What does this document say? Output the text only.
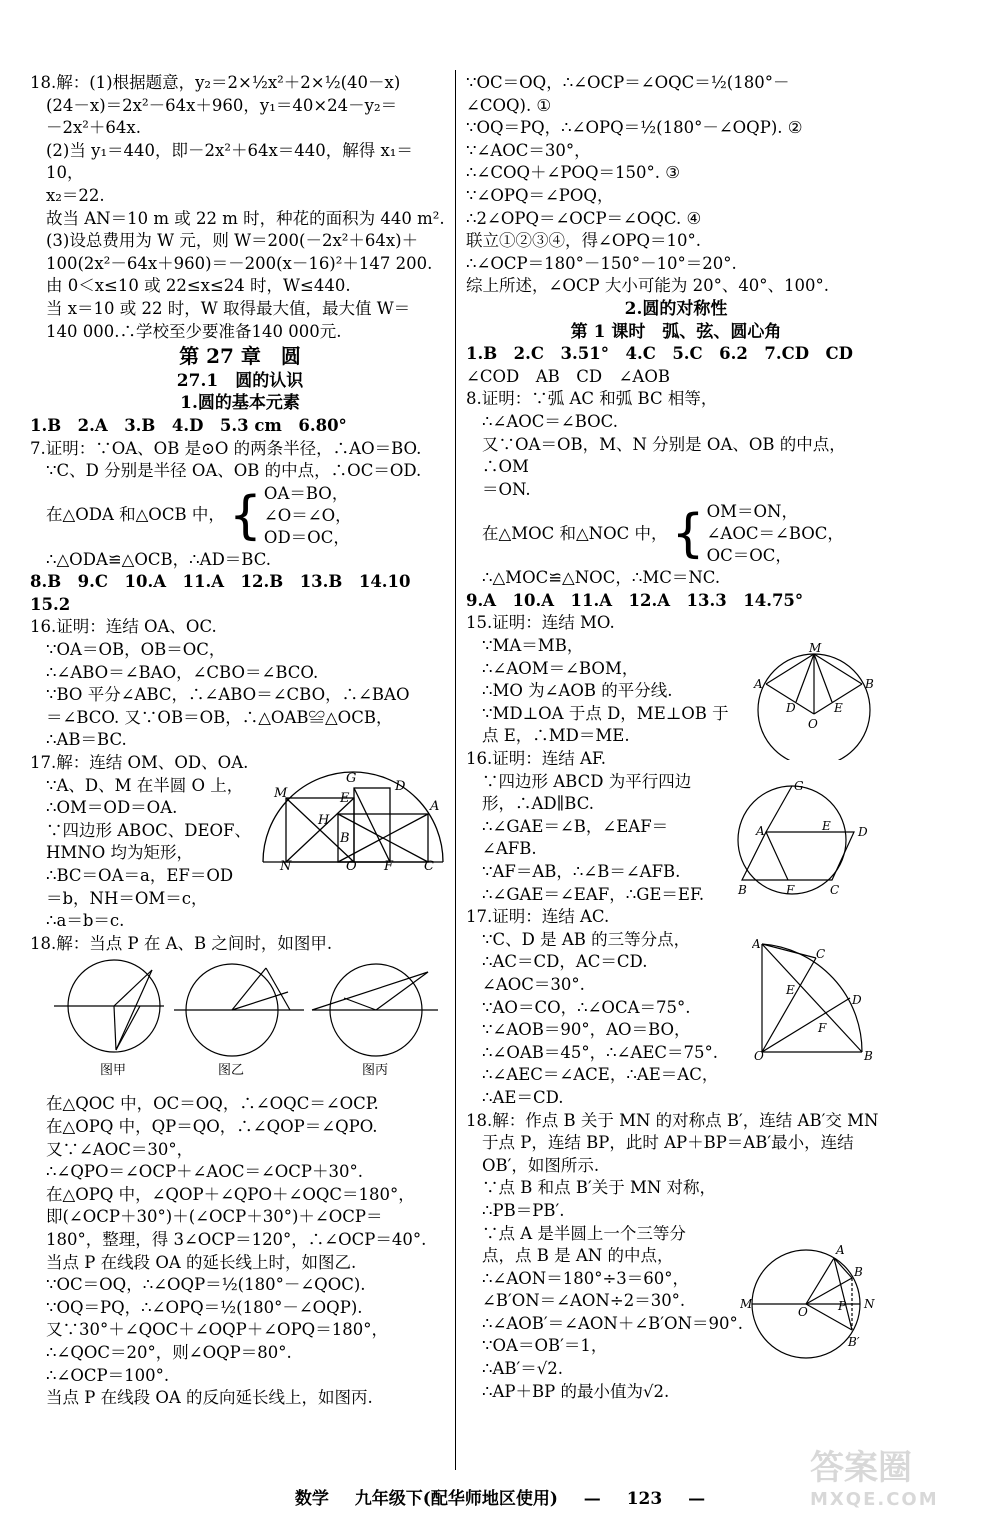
18.解：(1)根据题意，y₂＝2×½x²＋2×½(40－x)
(24－x)＝2x²－64x＋960，y₁＝40×24－y₂＝
－2x²＋64x.
(2)当 y₁＝440，即－2x²＋64x＝440，解得 x₁＝10，
x₂＝22.
故当 AN＝10 m 或 22 m 时，种花的面积为 440 m².
(3)设总费用为 W 元，则 W＝200(－2x²＋64x)＋
100(2x²－64x＋960)＝－200(x－16)²＋147 200.
由 0＜x≤10 或 22≤x≤24 时，W≤440.
当 x＝10 或 22 时，W 取得最大值，最大值 W＝
140 000.∴学校至少要准备140 000元.
第 27 章　圆
27.1　圆的认识
1.圆的基本元素
1.B　2.A　3.B　4.D　5.3 cm　6.80°
7.证明：∵OA、OB 是⊙O 的两条半径，∴AO＝BO.
∵C、D 分别是半径 OA、OB 的中点，∴OC＝OD.
在△ODA 和△OCB 中， { OA＝BO，
∠O＝∠O，
OD＝OC，
∴△ODA≌△OCB，∴AD＝BC.
8.B　9.C　10.A　11.A　12.B　13.B　14.10　15.2
16.证明：连结 OA、OC.
∵OA＝OB，OB＝OC，
∴∠ABO＝∠BAO，∠CBO＝∠BCO.
∵BO 平分∠ABC，∴∠ABO＝∠CBO，∴∠BAO
＝∠BCO. 又∵OB＝OB，∴△OAB≌△OCB，
∴AB＝BC.
17.解：连结 OM、OD、OA.
∵A、D、M 在半圆 O 上，
∴OM＝OD＝OA.
∵四边形 ABOC、DEOF、
HMNO 均为矩形，
∴BC＝OA＝a，EF＝OD
＝b，NH＝OM＝c，
∴a＝b＝c.
18.解：当点 P 在 A、B 之间时，如图甲.
在△QOC 中，OC＝OQ，∴∠OQC＝∠OCP.
在△OPQ 中，QP＝QO，∴∠QOP＝∠QPO.
又∵∠AOC＝30°，
∴∠QPO＝∠OCP＋∠AOC＝∠OCP＋30°.
在△OPQ 中，∠QOP＋∠QPO＋∠OQC＝180°，
即(∠OCP＋30°)＋(∠OCP＋30°)＋∠OCP＝
180°，整理，得 3∠OCP＝120°，∴∠OCP＝40°.
当点 P 在线段 OA 的延长线上时，如图乙.
∵OC＝OQ，∴∠OQP＝½(180°－∠QOC).
∵OQ＝PQ，∴∠OPQ＝½(180°－∠OQP).
又∵30°＋∠QOC＋∠OQP＋∠OPQ＝180°，
∴∠QOC＝20°，则∠OQP＝80°.
∴∠OCP＝100°.
当点 P 在线段 OA 的反向延长线上，如图丙.
G
M	E
H
A
D
B
N	O F C
图甲	图乙	图丙
∵OC＝OQ，∴∠OCP＝∠OQC＝½(180°－
∠COQ). ①
∵OQ＝PQ，∴∠OPQ＝½(180°－∠OQP). ②
∵∠AOC＝30°，
∴∠COQ＋∠POQ＝150°. ③
∵∠OPQ＝∠POQ，
∴2∠OPQ＝∠OCP＝∠OQC. ④
联立①②③④，得∠OPQ＝10°.
∴∠OCP＝180°－150°－10°＝20°.
综上所述，∠OCP 大小可能为 20°、40°、100°.
2.圆的对称性
第 1 课时　弧、弦、圆心角
1.B　2.C　3.51°　4.C　5.C　6.2　7.CD　CD
∠COD　AB　CD　∠AOB
8.证明：∵弧 AC 和弧 BC 相等，
∴∠AOC＝∠BOC.
又∵OA＝OB，M、N 分别是 OA、OB 的中点，∴OM
＝ON.
在△MOC 和△NOC 中， { OM＝ON，
∠AOC＝∠BOC，
OC＝OC，
∴△MOC≌△NOC，∴MC＝NC.
9.A　10.A　11.A　12.A　13.3　14.75°
15.证明：连结 MO.
∵MA＝MB，
∴∠AOM＝∠BOM，
∴MO 为∠AOB 的平分线.
∵MD⊥OA 于点 D，ME⊥OB 于
点 E，∴MD＝ME.
16.证明：连结 AF.
∵四边形 ABCD 为平行四边
形，∴AD∥BC.
∴∠GAE＝∠B，∠EAF＝
∠AFB.
∵AF＝AB，∴∠B＝∠AFB.
∴∠GAE＝∠EAF，∴GE＝EF.
17.证明：连结 AC.
∵C、D 是 AB 的三等分点，
∴AC＝CD，AC＝CD.
∠AOC＝30°.
∵AO＝CO，∴∠OCA＝75°.
∵∠AOB＝90°，AO＝BO，
∴∠OAB＝45°，∴∠AEC＝75°.
∴∠AEC＝∠ACE，∴AE＝AC，
∴AE＝CD.
18.解：作点 B 关于 MN 的对称点 B′，连结 AB′交 MN
于点 P，连结 BP，此时 AP＋BP＝AB′最小，连结
OB′，如图所示.
∵点 B 和点 B′关于 MN 对称，
∴PB＝PB′.
∵点 A 是半圆上一个三等分
点，点 B 是 AN 的中点，
∴∠AON＝180°÷3＝60°，
∠B′ON＝∠AON÷2＝30°.
∴∠AOB′＝∠AON＋∠B′ON＝90°.
∵OA＝OB′＝1，
∴AB′＝√2.
∴AP＋BP 的最小值为√2.
M
A	B
D
O
E
G
A	E D
B	F	C
A
C
E
D
F
O	B
A
B
M
O	P N
B′
数学 九年级下(配华师地区使用) — 123 —
答案圈
MXQE.COM
